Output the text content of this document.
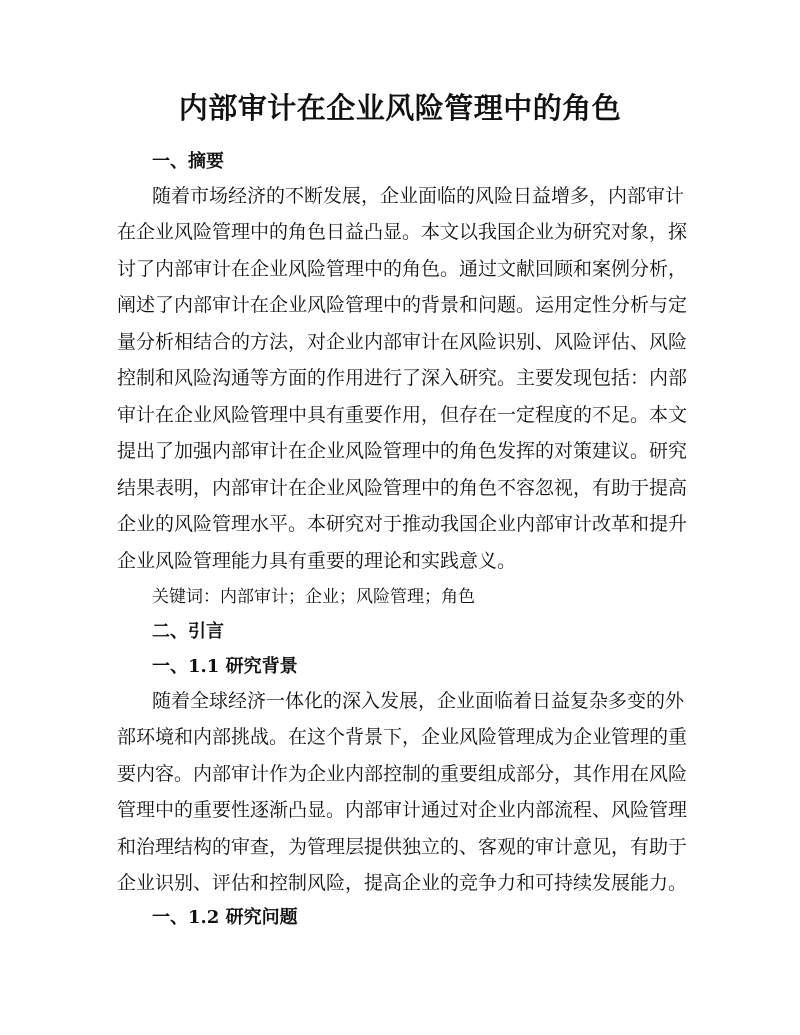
内部审计在企业风险管理中的角色
一、摘要
随着市场经济的不断发展，企业面临的风险日益增多，内部审计
在企业风险管理中的角色日益凸显。本文以我国企业为研究对象，探
讨了内部审计在企业风险管理中的角色。通过文献回顾和案例分析，
阐述了内部审计在企业风险管理中的背景和问题。运用定性分析与定
量分析相结合的方法，对企业内部审计在风险识别、风险评估、风险
控制和风险沟通等方面的作用进行了深入研究。主要发现包括：内部
审计在企业风险管理中具有重要作用，但存在一定程度的不足。本文
提出了加强内部审计在企业风险管理中的角色发挥的对策建议。研究
结果表明，内部审计在企业风险管理中的角色不容忽视，有助于提高
企业的风险管理水平。本研究对于推动我国企业内部审计改革和提升
企业风险管理能力具有重要的理论和实践意义。
关键词：内部审计；企业；风险管理；角色
二、引言
一、1.1 研究背景
随着全球经济一体化的深入发展，企业面临着日益复杂多变的外
部环境和内部挑战。在这个背景下，企业风险管理成为企业管理的重
要内容。内部审计作为企业内部控制的重要组成部分，其作用在风险
管理中的重要性逐渐凸显。内部审计通过对企业内部流程、风险管理
和治理结构的审查，为管理层提供独立的、客观的审计意见，有助于
企业识别、评估和控制风险，提高企业的竞争力和可持续发展能力。
一、1.2 研究问题
